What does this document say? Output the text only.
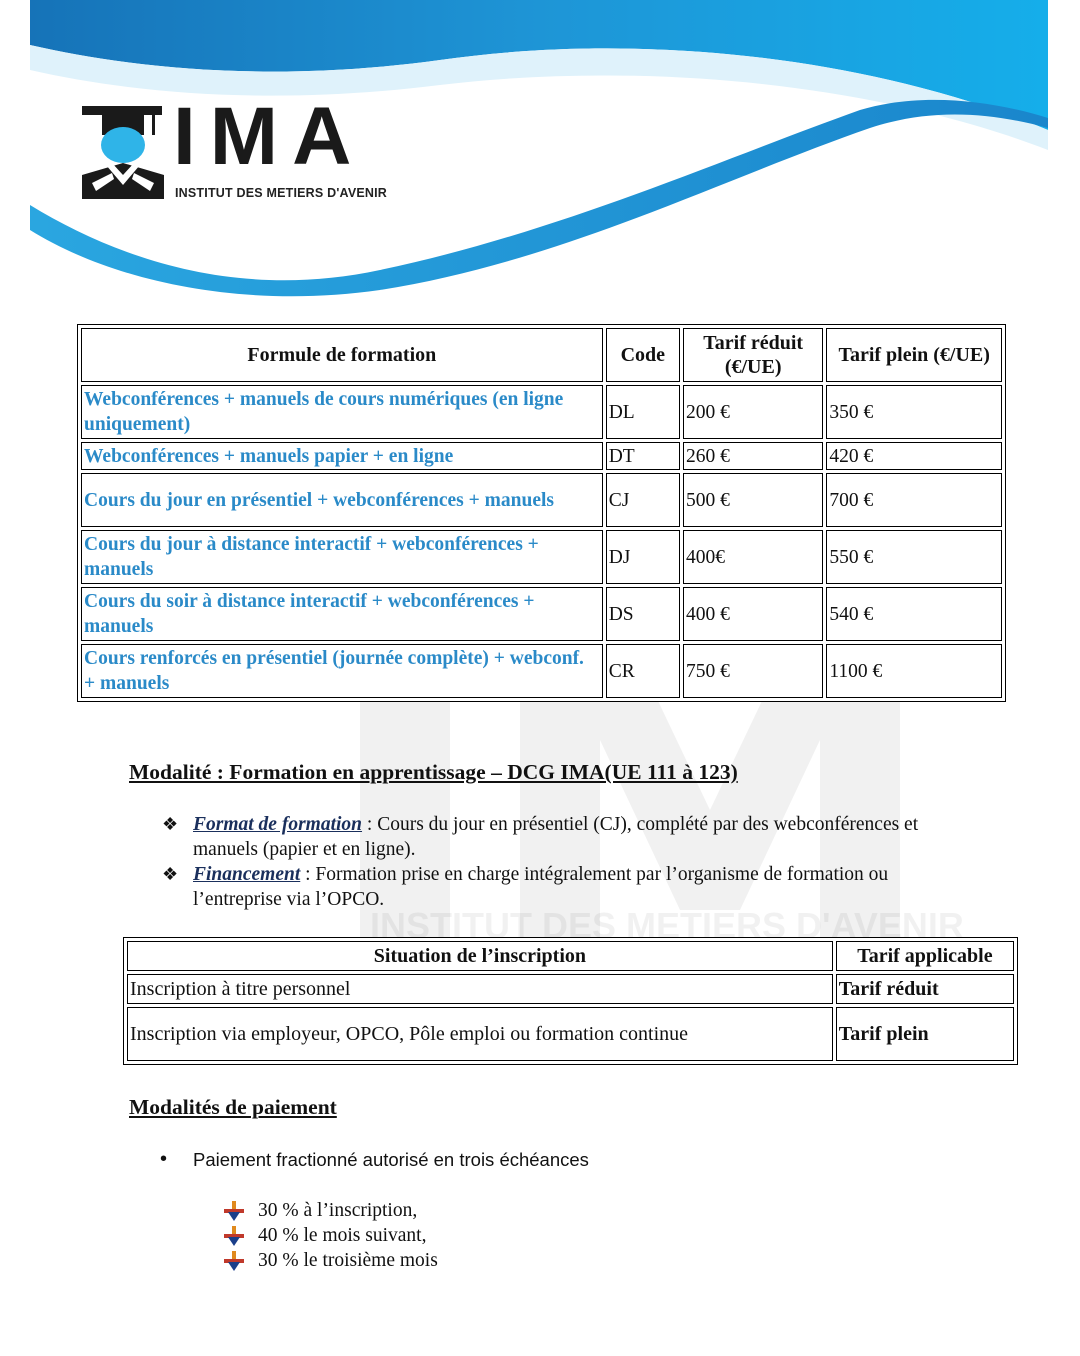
INSTITUT DES METIERS D'AVENIR
IMA
INSTITUT DES METIERS D'AVENIR
Formule de formation	Code	Tarif réduit (€/UE)	Tarif plein (€/UE)
Webconférences + manuels de cours numériques (en ligne uniquement)	DL	200 €	350 €
Webconférences + manuels papier + en ligne	DT	260 €	420 €
Cours du jour en présentiel + webconférences + manuels	CJ	500 €	700 €
Cours du jour à distance interactif + webconférences + manuels	DJ	400€	550 €
Cours du soir à distance interactif + webconférences + manuels	DS	400 €	540 €
Cours renforcés en présentiel (journée complète) + webconf. + manuels	CR	750 €	1100 €
Modalité : Formation en apprentissage – DCG IMA(UE 111 à 123)
❖ Format de formation : Cours du jour en présentiel (CJ), complété par des webconférences et manuels (papier et en ligne).
❖ Financement : Formation prise en charge intégralement par l’organisme de formation ou l’entreprise via l’OPCO.
Situation de l’inscription	Tarif applicable
Inscription à titre personnel	Tarif réduit
Inscription via employeur, OPCO, Pôle emploi ou formation continue	Tarif plein
Modalités de paiement
• Paiement fractionné autorisé en trois échéances
30 % à l’inscription,
40 % le mois suivant,
30 % le troisième mois
